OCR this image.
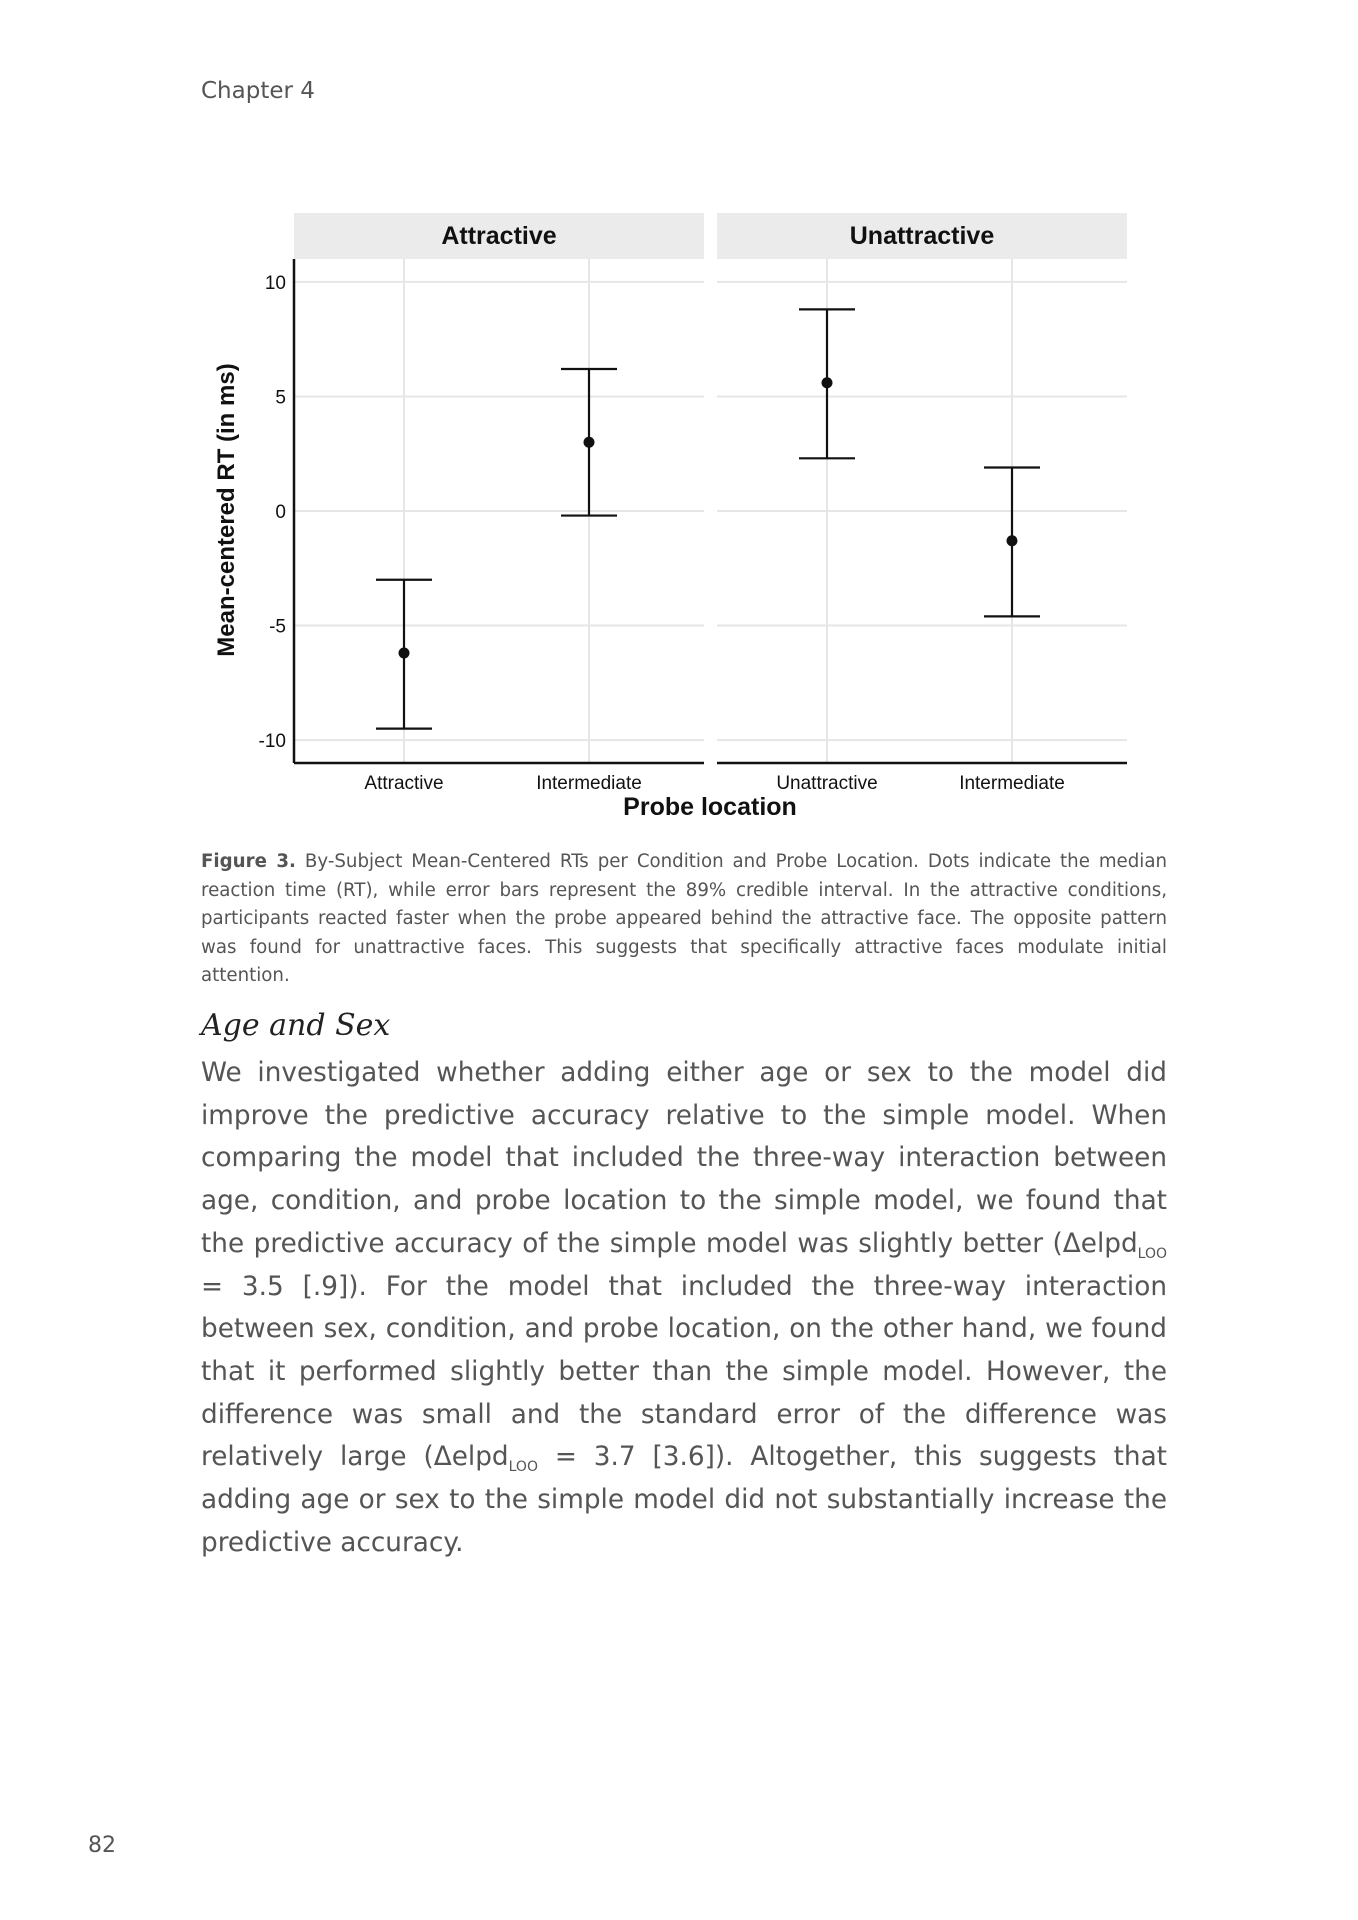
Chapter 4
Attractive
Attractive	Intermediate
Unattractive
Unattractive	Intermediate
10
5
0
-5
-10
Mean-centered RT (in ms)
Probe location
Figure 3. By-Subject Mean-Centered RTs per Condition and Probe Location. Dots indicate the median reaction time (RT), while error bars represent the 89% credible interval. In the attractive conditions, participants reacted faster when the probe appeared behind the attractive face. The opposite pattern was found for unattractive faces. This suggests that specifically attractive faces modulate initial attention.
Age and Sex
We investigated whether adding either age or sex to the model did improve the predictive accuracy relative to the simple model. When comparing the model that included the three-way interaction between age, condition, and probe location to the simple model, we found that the predictive accuracy of the simple model was slightly better (Δelpd$_{LOO}$ = 3.5 [.9]). For the model that included the three-way interaction between sex, condition, and probe location, on the other hand, we found that it performed slightly better than the simple model. However, the difference was small and the standard error of the difference was relatively large (Δelpd$_{LOO}$ = 3.7 [3.6]). Altogether, this suggests that adding age or sex to the simple model did not substantially increase the predictive accuracy.
82
